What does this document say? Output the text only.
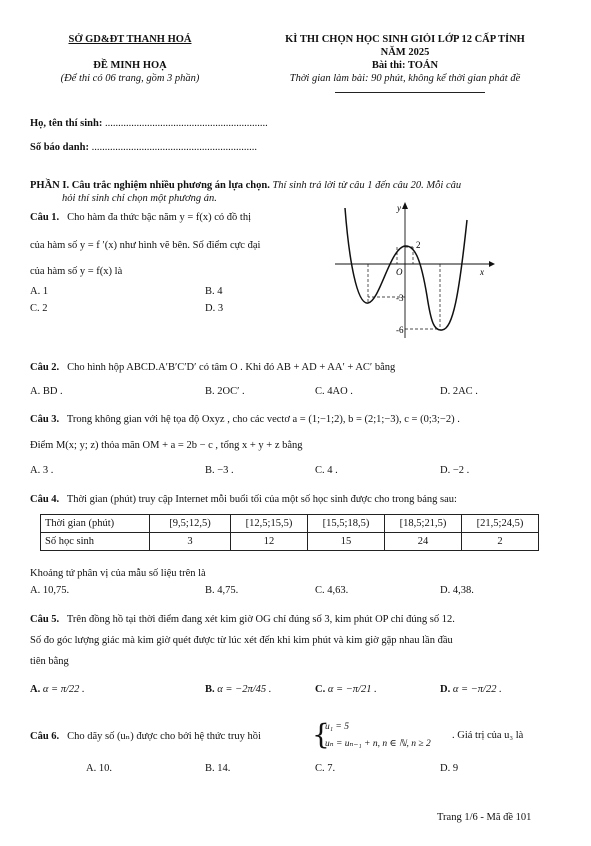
SỞ GD&ĐT THANH HOÁ	KÌ THI CHỌN HỌC SINH GIỎI LỚP 12 CẤP TỈNH
NĂM 2025
ĐỀ MINH HOẠ	Bài thi: TOÁN
(Để thi có 06 trang, gồm 3 phần)	Thời gian làm bài: 90 phút, không kể thời gian phát đề
Họ, tên thí sinh: ..............................................................
Số báo danh: ...............................................................
PHẦN I. Câu trắc nghiệm nhiều phương án lựa chọn. Thí sinh trả lời từ câu 1 đến câu 20. Mỗi câu
hỏi thí sinh chỉ chọn một phương án.
Câu 1. Cho hàm đa thức bậc năm y = f(x) có đồ thị
của hàm số y = f ′(x) như hình vẽ bên. Số điểm cực đại
của hàm số y = f(x) là
A. 1	B. 4
C. 2	D. 3
y
x
O
2
-3
-6
Câu 2. Cho hình hộp ABCD.A′B′C′D′ có tâm O . Khi đó AB + AD + AA′ + AC′ bằng
A. BD .	B. 2OC′ .	C. 4AO .	D. 2AC .
Câu 3. Trong không gian với hệ tọa độ Oxyz , cho các vectơ a = (1;−1;2), b = (2;1;−3), c = (0;3;−2) .
Điểm M(x; y; z) thỏa mãn OM + a = 2b − c , tổng x + y + z bằng
A. 3 .	B. −3 .	C. 4 .	D. −2 .
Câu 4. Thời gian (phút) truy cập Internet mỗi buổi tối của một số học sinh được cho trong bảng sau:
Thời gian (phút)	[9,5;12,5)	[12,5;15,5)	[15,5;18,5)	[18,5;21,5)	[21,5;24,5)
Số học sinh	3	12	15	24	2
Khoảng tứ phân vị của mẫu số liệu trên là
A. 10,75.	B. 4,75.	C. 4,63.	D. 4,38.
Câu 5. Trên đồng hồ tại thời điểm đang xét kim giờ OG chỉ đúng số 3, kim phút OP chỉ đúng số 12.
Số đo góc lượng giác mà kim giờ quét được từ lúc xét đến khi kim phút và kim giờ gặp nhau lần đầu
tiên bằng
A. α = π/22 .	B. α = −2π/45 .	C. α = −π/21 .	D. α = −π/22 .
Câu 6. Cho dãy số (uₙ) được cho bởi hệ thức truy hồi {
u₁ = 5
uₙ = uₙ₋₁ + n, n ∈ ℕ, n ≥ 2
. Giá trị của u₃ là
A. 10.	B. 14.	C. 7.	D. 9
Trang 1/6 - Mã đề 101
